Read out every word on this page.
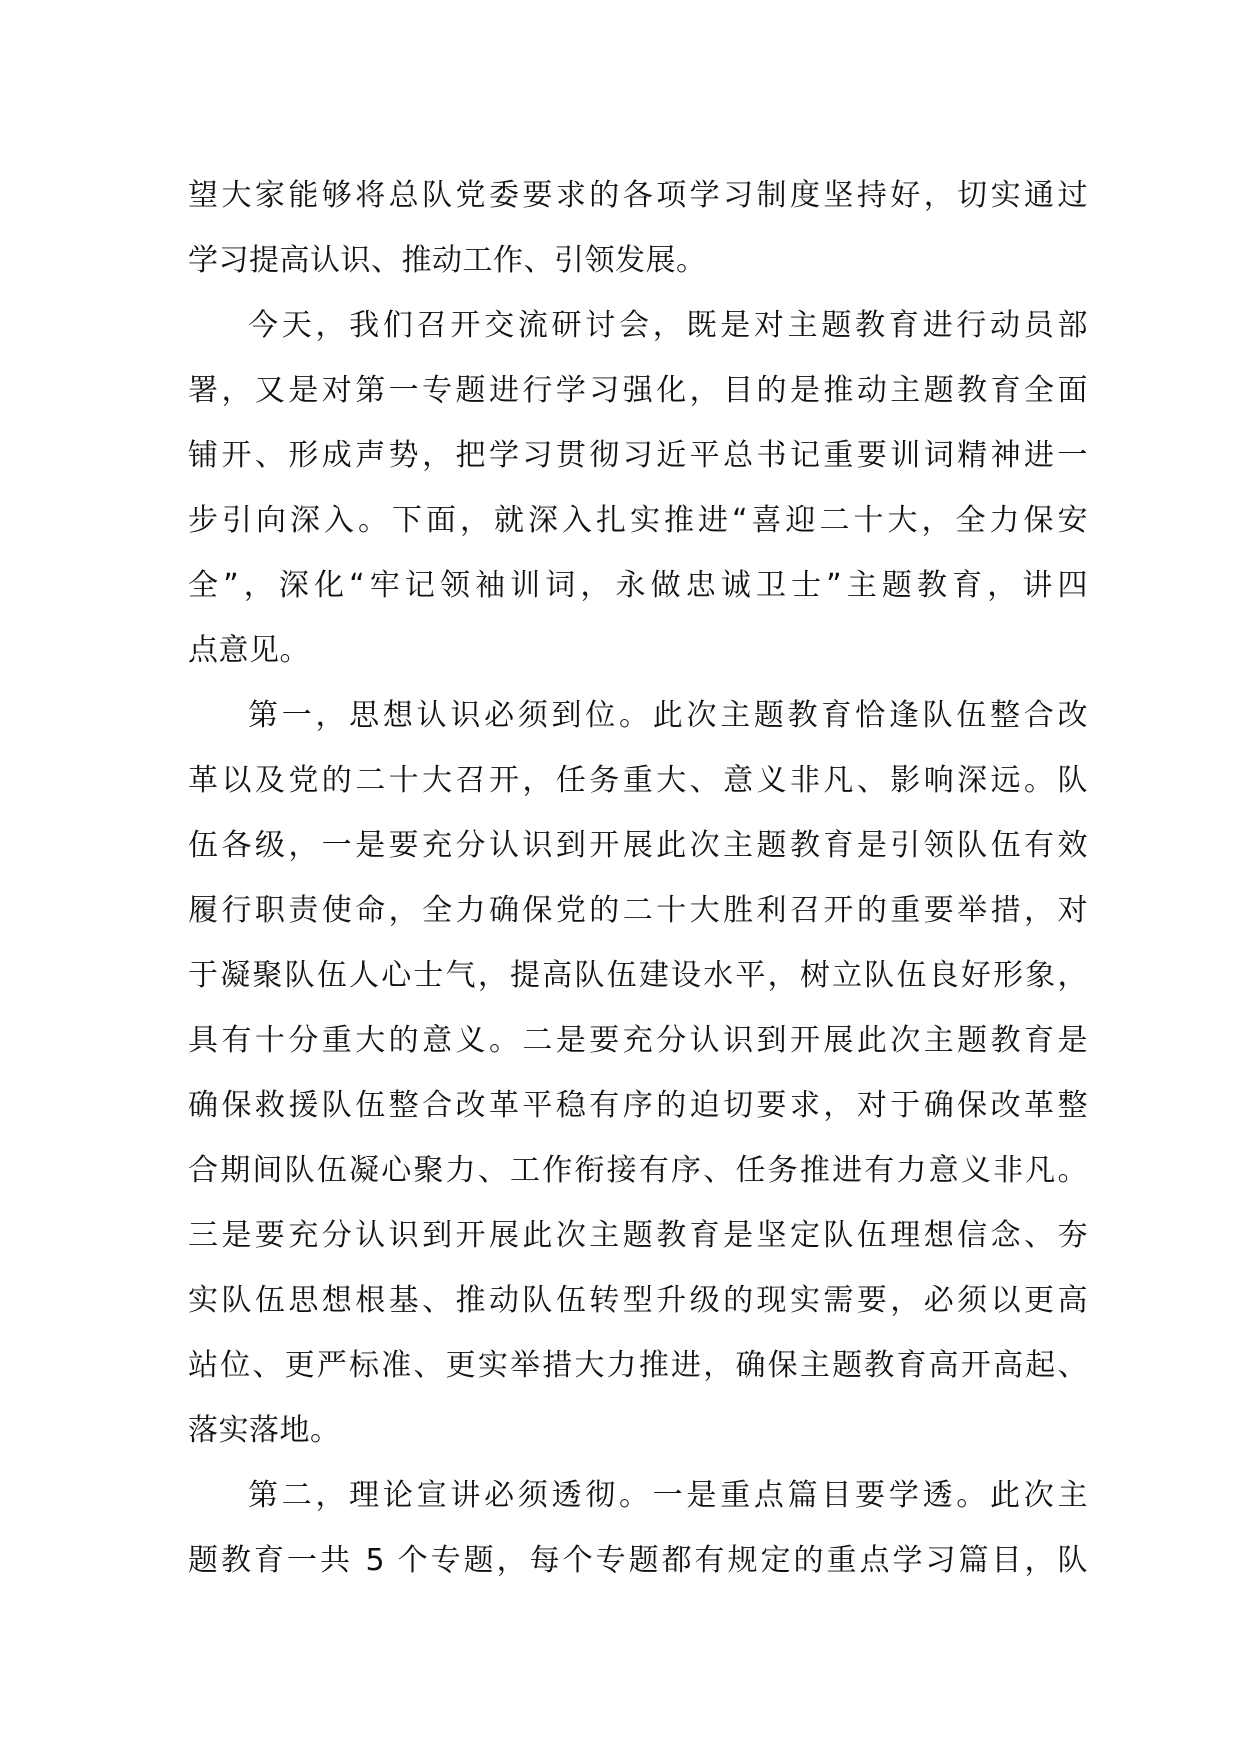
望大家能够将总队党委要求的各项学习制度坚持好，切实通过
学习提高认识、推动工作、引领发展。
今天，我们召开交流研讨会，既是对主题教育进行动员部
署，又是对第一专题进行学习强化，目的是推动主题教育全面
铺开、形成声势，把学习贯彻习近平总书记重要训词精神进一
步引向深入。下面，就深入扎实推进“喜迎二十大，全力保安
全”，深化“牢记领袖训词，永做忠诚卫士”主题教育，讲四
点意见。
第一，思想认识必须到位。此次主题教育恰逢队伍整合改
革以及党的二十大召开，任务重大、意义非凡、影响深远。队
伍各级，一是要充分认识到开展此次主题教育是引领队伍有效
履行职责使命，全力确保党的二十大胜利召开的重要举措，对
于凝聚队伍人心士气，提高队伍建设水平，树立队伍良好形象，
具有十分重大的意义。二是要充分认识到开展此次主题教育是
确保救援队伍整合改革平稳有序的迫切要求，对于确保改革整
合期间队伍凝心聚力、工作衔接有序、任务推进有力意义非凡。
三是要充分认识到开展此次主题教育是坚定队伍理想信念、夯
实队伍思想根基、推动队伍转型升级的现实需要，必须以更高
站位、更严标准、更实举措大力推进，确保主题教育高开高起、
落实落地。
第二，理论宣讲必须透彻。一是重点篇目要学透。此次主
题教育一共 5 个专题，每个专题都有规定的重点学习篇目，队
